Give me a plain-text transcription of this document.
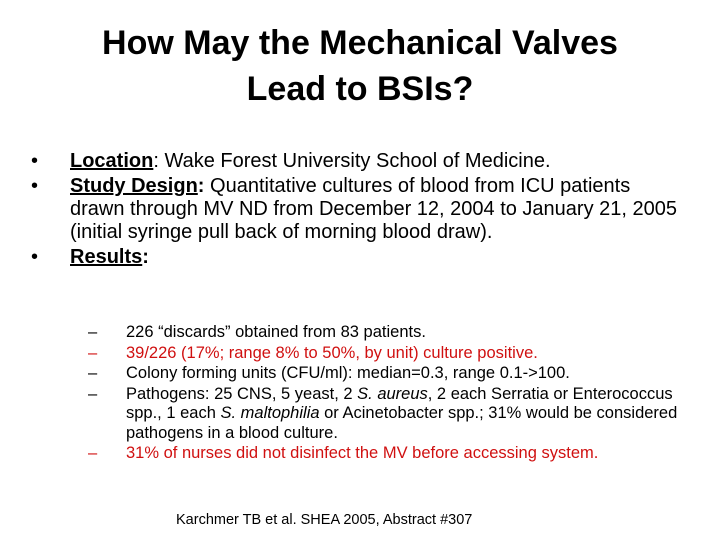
How May the Mechanical Valves
Lead to BSIs?
• Location: Wake Forest University School of Medicine.
• Study Design: Quantitative cultures of blood from ICU patients drawn through MV ND from December 12, 2004 to January 21, 2005 (initial syringe pull back of morning blood draw).
• Results:
– 226 “discards” obtained from 83 patients.
– 39/226 (17%; range 8% to 50%, by unit) culture positive.
– Colony forming units (CFU/ml): median=0.3, range 0.1->100.
– Pathogens: 25 CNS, 5 yeast, 2 S. aureus, 2 each Serratia or Enterococcus spp., 1 each S. maltophilia or Acinetobacter spp.; 31% would be considered pathogens in a blood culture.
– 31% of nurses did not disinfect the MV before accessing system.
Karchmer TB et al. SHEA 2005, Abstract #307
